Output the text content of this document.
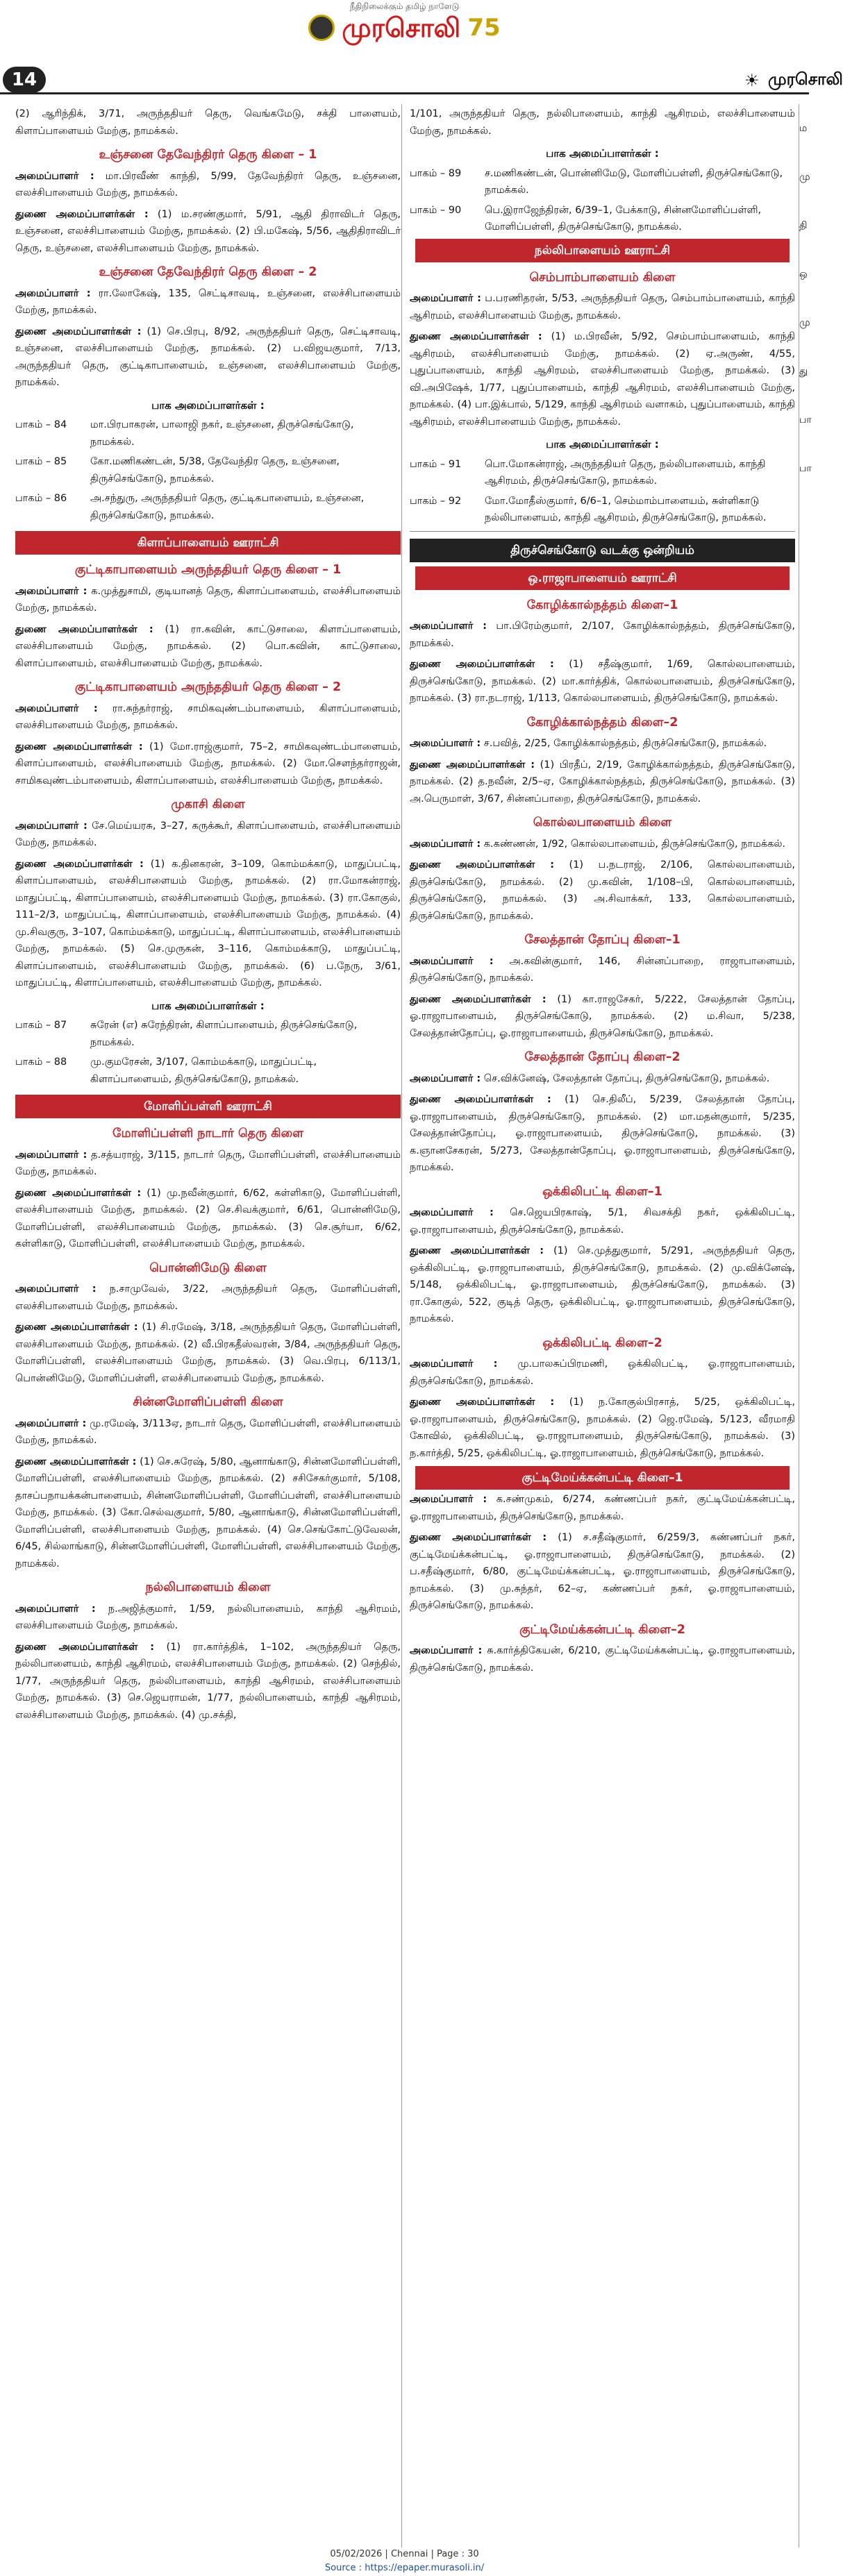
நீதிநிலைக்கும் தமிழ் நாளேடு
முரசொலி 75
14	☀ முரசொலி
(2) ஆரிந்திக், 3/71, அருந்ததியர் தெரு, வெங்கமேடு, சக்தி பாளையம், கிளாப்பாளையம் மேற்கு, நாமக்கல்.
உஞ்சனை தேவேந்திரர் தெரு கிளை – 1
அமைப்பாளர் : மா.பிரவீண் காந்தி, 5/99, தேவேந்திரர் தெரு, உஞ்சனை, எலச்சிபாளையம் மேற்கு, நாமக்கல்.
துணை அமைப்பாளர்கள் : (1) ம.சரண்குமார், 5/91, ஆதி திராவிடர் தெரு, உஞ்சனை, எலச்சிபாளையம் மேற்கு, நாமக்கல். (2) பி.மகேஷ், 5/56, ஆதிதிராவிடர் தெரு, உஞ்சனை, எலச்சிபாளையம் மேற்கு, நாமக்கல்.
உஞ்சனை தேவேந்திரர் தெரு கிளை – 2
அமைப்பாளர் : ரா.லோகேஷ், 135, செட்டிசாவடி, உஞ்சனை, எலச்சிபாளையம் மேற்கு, நாமக்கல்.
துணை அமைப்பாளர்கள் : (1) செ.பிரபு, 8/92, அருந்ததியர் தெரு, செட்டிசாவடி, உஞ்சனை, எலச்சிபாளையம் மேற்கு, நாமக்கல். (2) ப.விஜயகுமார், 7/13, அருந்ததியர் தெரு, குட்டிகாபாளையம், உஞ்சனை, எலச்சிபாளையம் மேற்கு, நாமக்கல்.
பாக அமைப்பாளர்கள் :
பாகம் – 84	மா.பிரபாகரன், பாலாஜி நகர், உஞ்சனை, திருச்செங்கோடு, நாமக்கல்.
பாகம் – 85	கோ.மணிகண்டன், 5/38, தேவேந்திர தெரு, உஞ்சனை, திருச்செங்கோடு, நாமக்கல்.
பாகம் – 86	அ.சந்துரு, அருந்ததியர் தெரு, குட்டிகபாளையம், உஞ்சனை, திருச்செங்கோடு, நாமக்கல்.
கிளாப்பாளையம் ஊராட்சி
குட்டிகாபாளையம் அருந்ததியர் தெரு கிளை – 1
அமைப்பாளர் : க.முத்துசாமி, குடியானத் தெரு, கிளாப்பாளையம், எலச்சிபாளையம் மேற்கு, நாமக்கல்.
துணை அமைப்பாளர்கள் : (1) ரா.கவின், காட்டுசாலை, கிளாப்பாளையம், எலச்சிபாளையம் மேற்கு, நாமக்கல். (2) பொ.கவின், காட்டுசாலை, கிளாப்பாளையம், எலச்சிபாளையம் மேற்கு, நாமக்கல்.
குட்டிகாபாளையம் அருந்ததியர் தெரு கிளை – 2
அமைப்பாளர் : ரா.சுந்தர்ராஜ், சாமிகவுண்டம்பாளையம், கிளாப்பாளையம், எலச்சிபாளையம் மேற்கு, நாமக்கல்.
துணை அமைப்பாளர்கள் : (1) மோ.ராஜ்குமார், 75–2, சாமிகவுண்டம்பாளையம், கிளாப்பாளையம், எலச்சிபாளையம் மேற்கு, நாமக்கல். (2) மோ.செளந்தர்ராஜன், சாமிகவுண்டம்பாளையம், கிளாப்பாளையம், எலச்சிபாளையம் மேற்கு, நாமக்கல்.
முகாசி கிளை
அமைப்பாளர் : சே.மெய்யரசு, 3–27, கருக்கூர், கிளாப்பாளையம், எலச்சிபாளையம் மேற்கு, நாமக்கல்.
துணை அமைப்பாளர்கள் : (1) க.தினகரன், 3–109, கொம்மக்காடு, மாதுப்பட்டி, கிளாப்பாளையம், எலச்சிபாளையம் மேற்கு, நாமக்கல். (2) ரா.மோகன்ராஜ், மாதுப்பட்டி, கிளாப்பாளையம், எலச்சிபாளையம் மேற்கு, நாமக்கல். (3) ரா.கோகுல், 111–2/3, மாதுப்பட்டி, கிளாப்பாளையம், எலச்சிபாளையம் மேற்கு, நாமக்கல். (4) மு.சிவகுரு, 3–107, கொம்மக்காடு, மாதுப்பட்டி, கிளாப்பாளையம், எலச்சிபாளையம் மேற்கு, நாமக்கல். (5) செ.முருகன், 3–116, கொம்மக்காடு, மாதுப்பட்டி, கிளாப்பாளையம், எலச்சிபாளையம் மேற்கு, நாமக்கல். (6) ப.நேரு, 3/61, மாதுப்பட்டி, கிளாப்பாளையம், எலச்சிபாளையம் மேற்கு, நாமக்கல்.
பாக அமைப்பாளர்கள் :
பாகம் – 87	சுரேன் (எ) சுரேந்திரன், கிளாப்பாளையம், திருச்செங்கோடு, நாமக்கல்.
பாகம் – 88	மு.குமரேசன், 3/107, கொம்மக்காடு, மாதுப்பட்டி, கிளாப்பாளையம், திருச்செங்கோடு, நாமக்கல்.
மோளிப்பள்ளி ஊராட்சி
மோளிப்பள்ளி நாடார் தெரு கிளை
அமைப்பாளர் : த.சத்யராஜ், 3/115, நாடார் தெரு, மோளிப்பள்ளி, எலச்சிபாளையம் மேற்கு, நாமக்கல்.
துணை அமைப்பாளர்கள் : (1) மு.நவீன்குமார், 6/62, கள்ளிகாடு, மோளிப்பள்ளி, எலச்சிபாளையம் மேற்கு, நாமக்கல். (2) செ.சிவக்குமார், 6/61, பொன்னிமேடு, மோளிப்பள்ளி, எலச்சிபாளையம் மேற்கு, நாமக்கல். (3) செ.சூர்யா, 6/62, கள்ளிகாடு, மோளிப்பள்ளி, எலச்சிபாளையம் மேற்கு, நாமக்கல்.
பொன்னிமேடு கிளை
அமைப்பாளர் : ந.சாமுவேல், 3/22, அருந்ததியர் தெரு, மோளிப்பள்ளி, எலச்சிபாளையம் மேற்கு, நாமக்கல்.
துணை அமைப்பாளர்கள் : (1) சி.ரமேஷ், 3/18, அருந்ததியர் தெரு, மோளிப்பள்ளி, எலச்சிபாளையம் மேற்கு, நாமக்கல். (2) வீ.பிரகதீஸ்வரன், 3/84, அருந்ததியர் தெரு, மோளிப்பள்ளி, எலச்சிபாளையம் மேற்கு, நாமக்கல். (3) வெ.பிரபு, 6/113/1, பொன்னிமேடு, மோளிப்பள்ளி, எலச்சிபாளையம் மேற்கு, நாமக்கல்.
சின்னமோளிப்பள்ளி கிளை
அமைப்பாளர் : மு.ரமேஷ், 3/113ஏ, நாடார் தெரு, மோளிப்பள்ளி, எலச்சிபாளையம் மேற்கு, நாமக்கல்.
துணை அமைப்பாளர்கள் : (1) செ.சுரேஷ், 5/80, ஆனாங்காடு, சின்னமோளிப்பள்ளி, மோளிப்பள்ளி, எலச்சிபாளையம் மேற்கு, நாமக்கல். (2) சசிசேகர்குமார், 5/108, தாசப்பநாயக்கன்பாளையம், சின்னமோளிப்பள்ளி, மோளிப்பள்ளி, எலச்சிபாளையம் மேற்கு, நாமக்கல். (3) கோ.செல்வகுமார், 5/80, ஆனாங்காடு, சின்னமோளிப்பள்ளி, மோளிப்பள்ளி, எலச்சிபாளையம் மேற்கு, நாமக்கல். (4) செ.செங்கோட்டுவேலன், 6/45, சில்லாங்காடு, சின்னமோளிப்பள்ளி, மோளிப்பள்ளி, எலச்சிபாளையம் மேற்கு, நாமக்கல்.
நல்லிபாளையம் கிளை
அமைப்பாளர் : ந.அஜித்குமார், 1/59, நல்லிபாளையம், காந்தி ஆசிரமம், எலச்சிபாளையம் மேற்கு, நாமக்கல்.
துணை அமைப்பாளர்கள் : (1) ரா.கார்த்திக், 1–102, அருந்ததியர் தெரு, நல்லிபாளையம், காந்தி ஆசிரமம், எலச்சிபாளையம் மேற்கு, நாமக்கல். (2) செந்தில், 1/77, அருந்ததியர் தெரு, நல்லிபாளையம், காந்தி ஆசிரமம், எலச்சிபாளையம் மேற்கு, நாமக்கல். (3) செ.ஜெயராமன், 1/77, நல்லிபாளையம், காந்தி ஆசிரமம், எலச்சிபாளையம் மேற்கு, நாமக்கல். (4) மு.சக்தி,
1/101, அருந்ததியர் தெரு, நல்லிபாளையம், காந்தி ஆசிரமம், எலச்சிபாளையம் மேற்கு, நாமக்கல்.
பாக அமைப்பாளர்கள் :
பாகம் – 89	ச.மணிகண்டன், பொன்னிமேடு, மோளிப்பள்ளி, திருச்செங்கோடு, நாமக்கல்.
பாகம் – 90	பெ.இராஜேந்திரன், 6/39–1, பேக்காடு, சின்னமோளிப்பள்ளி, மோளிப்பள்ளி, திருச்செங்கோடு, நாமக்கல்.
நல்லிபாளையம் ஊராட்சி
செம்பாம்பாளையம் கிளை
அமைப்பாளர் : ப.பரணிதரன், 5/53, அருந்ததியர் தெரு, செம்பாம்பாளையம், காந்தி ஆசிரமம், எலச்சிபாளையம் மேற்கு, நாமக்கல்.
துணை அமைப்பாளர்கள் : (1) ம.பிரவீன், 5/92, செம்பாம்பாளையம், காந்தி ஆசிரமம், எலச்சிபாளையம் மேற்கு, நாமக்கல். (2) ஏ.அருண், 4/55, புதுப்பாளையம், காந்தி ஆசிரமம், எலச்சிபாளையம் மேற்கு, நாமக்கல். (3) வி.அபிஷேக், 1/77, புதுப்பாளையம், காந்தி ஆசிரமம், எலச்சிபாளையம் மேற்கு, நாமக்கல். (4) பா.இக்பால், 5/129, காந்தி ஆசிரமம் வளாகம், புதுப்பாளையம், காந்தி ஆசிரமம், எலச்சிபாளையம் மேற்கு, நாமக்கல்.
பாக அமைப்பாளர்கள் :
பாகம் – 91	பொ.மோகன்ராஜ், அருந்ததியர் தெரு, நல்லிபாளையம், காந்தி ஆசிரமம், திருச்செங்கோடு, நாமக்கல்.
பாகம் – 92	மோ.மோதீஸ்குமார், 6/6–1, செம்மாம்பாளையம், சுள்ளிகாடு நல்லிபாளையம், காந்தி ஆசிரமம், திருச்செங்கோடு, நாமக்கல்.
திருச்செங்கோடு வடக்கு ஒன்றியம்
ஒ.ராஜாபாளையம் ஊராட்சி
கோழிக்கால்நத்தம் கிளை–1
அமைப்பாளர் : பா.பிரேம்குமார், 2/107, கோழிக்கால்நத்தம், திருச்செங்கோடு, நாமக்கல்.
துணை அமைப்பாளர்கள் : (1) சதீஷ்குமார், 1/69, கொல்லபாளையம், திருச்செங்கோடு, நாமக்கல். (2) மா.கார்த்திக், கொல்லபாளையம், திருச்செங்கோடு, நாமக்கல். (3) ரா.நடராஜ், 1/113, கொல்லபாளையம், திருச்செங்கோடு, நாமக்கல்.
கோழிக்கால்நத்தம் கிளை–2
அமைப்பாளர் : ச.பவித், 2/25, கோழிக்கால்நத்தம், திருச்செங்கோடு, நாமக்கல்.
துணை அமைப்பாளர்கள் : (1) பிரதீப், 2/19, கோழிக்கால்நத்தம், திருச்செங்கோடு, நாமக்கல். (2) த.நவீன், 2/5–ஏ, கோழிக்கால்நத்தம், திருச்செங்கோடு, நாமக்கல். (3) அ.பெருமாள், 3/67, சின்னப்பாறை, திருச்செங்கோடு, நாமக்கல்.
கொல்லபாளையம் கிளை
அமைப்பாளர் : க.கண்ணன், 1/92, கொல்லபாளையம், திருச்செங்கோடு, நாமக்கல்.
துணை அமைப்பாளர்கள் : (1) ப.நடராஜ், 2/106, கொல்லபாளையம், திருச்செங்கோடு, நாமக்கல். (2) மு.கவின், 1/108–பி, கொல்லபாளையம், திருச்செங்கோடு, நாமக்கல். (3) அ.சிவாக்கர், 133, கொல்லபாளையம், திருச்செங்கோடு, நாமக்கல்.
சேலத்தான் தோப்பு கிளை–1
அமைப்பாளர் : அ.கவின்குமார், 146, சின்னப்பாறை, ராஜாபாளையம், திருச்செங்கோடு, நாமக்கல்.
துணை அமைப்பாளர்கள் : (1) கா.ராஜசேகர், 5/222, சேலத்தான் தோப்பு, ஓ.ராஜாபாளையம், திருச்செங்கோடு, நாமக்கல். (2) ம.சிவா, 5/238, சேலத்தான்தோப்பு, ஓ.ராஜாபாளையம், திருச்செங்கோடு, நாமக்கல்.
சேலத்தான் தோப்பு கிளை–2
அமைப்பாளர் : செ.விக்னேஷ், சேலத்தான் தோப்பு, திருச்செங்கோடு, நாமக்கல்.
துணை அமைப்பாளர்கள் : (1) செ.திலீப், 5/239, சேலத்தான் தோப்பு, ஓ.ராஜாபாளையம், திருச்செங்கோடு, நாமக்கல். (2) மா.மதன்குமார், 5/235, சேலத்தான்தோப்பு, ஓ.ராஜாபாளையம், திருச்செங்கோடு, நாமக்கல். (3) க.ஞானசேகரன், 5/273, சேலத்தான்தோப்பு, ஓ.ராஜாபாளையம், திருச்செங்கோடு, நாமக்கல்.
ஒக்கிலிபட்டி கிளை–1
அமைப்பாளர் : செ.ஜெயபிரகாஷ், 5/1, சிவசக்தி நகர், ஒக்கிலிபட்டி, ஓ.ராஜாபாளையம், திருச்செங்கோடு, நாமக்கல்.
துணை அமைப்பாளர்கள் : (1) செ.முத்துகுமார், 5/291, அருந்ததியர் தெரு, ஒக்கிலிபட்டி, ஓ.ராஜாபாளையம், திருச்செங்கோடு, நாமக்கல். (2) மு.விக்னேஷ், 5/148, ஒக்கிலிபட்டி, ஓ.ராஜாபாளையம், திருச்செங்கோடு, நாமக்கல். (3) ரா.கோகுல், 522, குடித் தெரு, ஒக்கிலிபட்டி, ஓ.ராஜாபாளையம், திருச்செங்கோடு, நாமக்கல்.
ஒக்கிலிபட்டி கிளை–2
அமைப்பாளர் : மு.பாலசுப்பிரமணி, ஒக்கிலிபட்டி, ஓ.ராஜாபாளையம், திருச்செங்கோடு, நாமக்கல்.
துணை அமைப்பாளர்கள் : (1) ந.கோகுல்பிரசாத், 5/25, ஒக்கிலிபட்டி, ஓ.ராஜாபாளையம், திருச்செங்கோடு, நாமக்கல். (2) ஜெ.ரமேஷ், 5/123, வீரமாதி கோவில், ஒக்கிலிபட்டி, ஓ.ராஜாபாளையம், திருச்செங்கோடு, நாமக்கல். (3) ந.கார்த்தி, 5/25, ஒக்கிலிபட்டி, ஓ.ராஜாபாளையம், திருச்செங்கோடு, நாமக்கல்.
குட்டிமேய்க்கன்பட்டி கிளை–1
அமைப்பாளர் : க.சண்முகம், 6/274, கண்ணப்பர் நகர், குட்டிமேய்க்கன்பட்டி, ஓ.ராஜாபாளையம், திருச்செங்கோடு, நாமக்கல்.
துணை அமைப்பாளர்கள் : (1) ச.சதீஷ்குமார், 6/259/3, கண்ணப்பர் நகர், குட்டிமேய்க்கன்பட்டி, ஓ.ராஜாபாளையம், திருச்செங்கோடு, நாமக்கல். (2) ப.சதீஷ்குமார், 6/80, குட்டிமேய்க்கன்பட்டி, ஓ.ராஜாபாளையம், திருச்செங்கோடு, நாமக்கல். (3) மு.சுந்தர், 62–ஏ, கண்ணப்பர் நகர், ஓ.ராஜாபாளையம், திருச்செங்கோடு, நாமக்கல்.
குட்டிமேய்க்கன்பட்டி கிளை–2
அமைப்பாளர் : சு.கார்த்திகேயன், 6/210, குட்டிமேய்க்கன்பட்டி, ஓ.ராஜாபாளையம், திருச்செங்கோடு, நாமக்கல்.
ம
மு
தி
ஒ
மு
து
பா
பா
05/02/2026 | Chennai | Page : 30
Source : https://epaper.murasoli.in/
